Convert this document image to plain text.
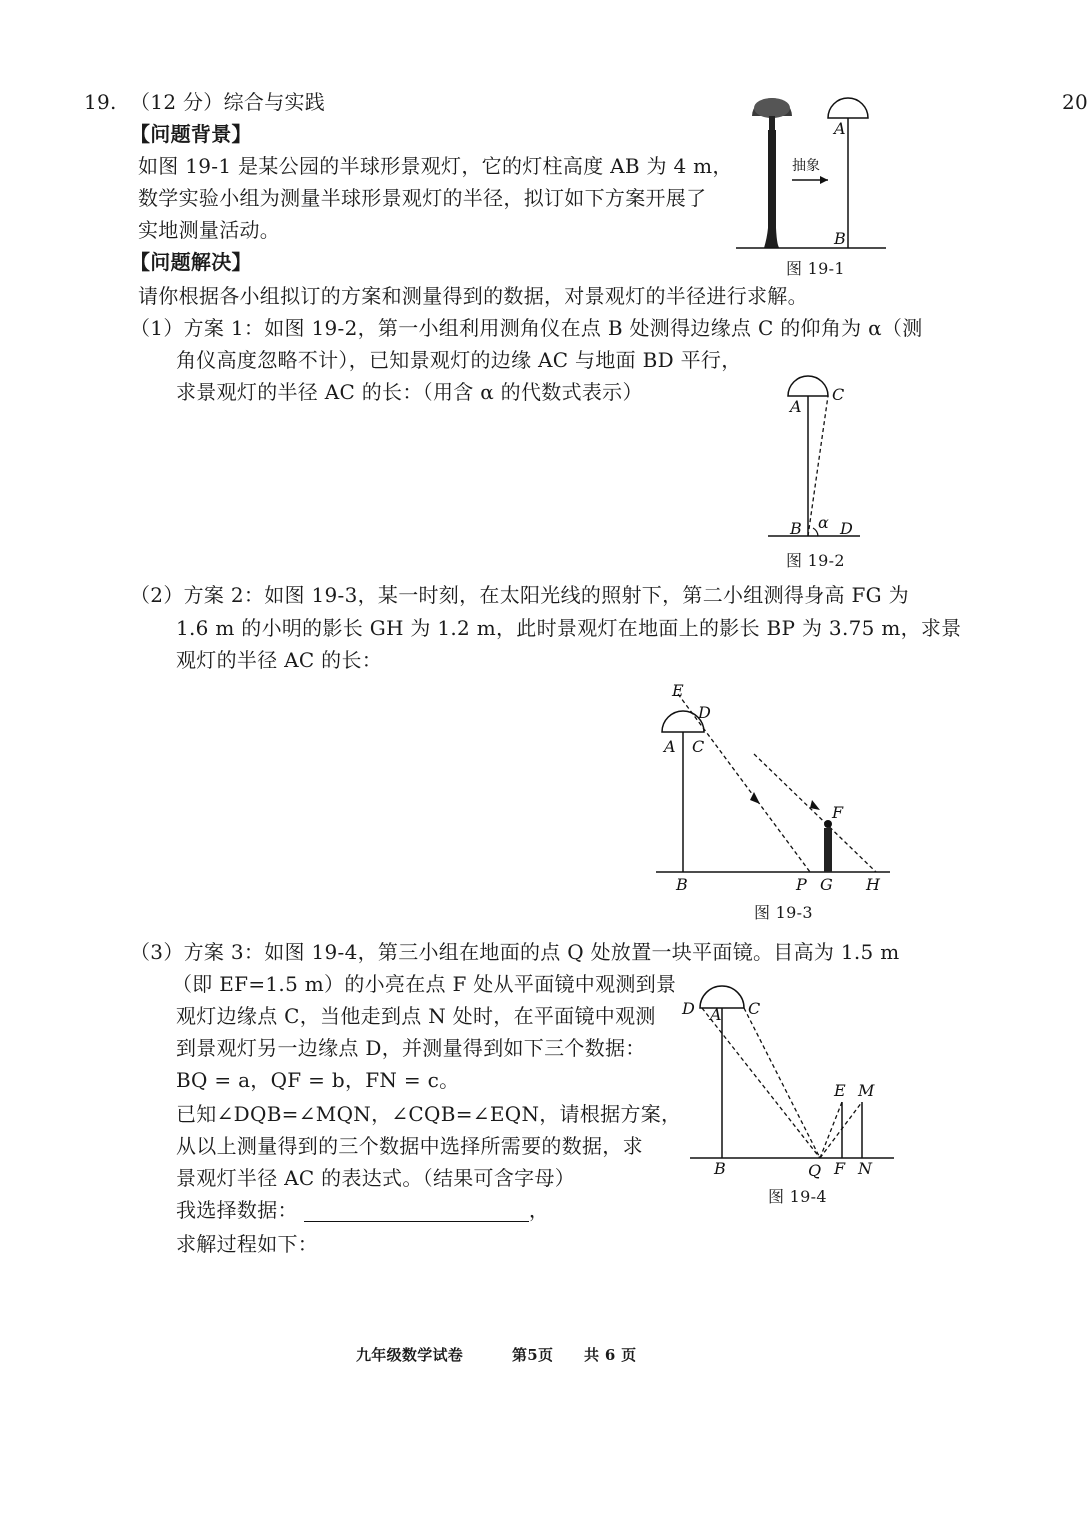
20
19. （12 分）综合与实践
【问题背景】
如图 19-1 是某公园的半球形景观灯，它的灯柱高度 AB 为 4 m，
数学实验小组为测量半球形景观灯的半径，拟订如下方案开展了
实地测量活动。
【问题解决】
请你根据各小组拟订的方案和测量得到的数据，对景观灯的半径进行求解。
（1）方案 1：如图 19-2，第一小组利用测角仪在点 B 处测得边缘点 C 的仰角为 α（测
角仪高度忽略不计），已知景观灯的边缘 AC 与地面 BD 平行，
求景观灯的半径 AC 的长：（用含 α 的代数式表示）
（2）方案 2：如图 19-3，某一时刻，在太阳光线的照射下，第二小组测得身高 FG 为
1.6 m 的小明的影长 GH 为 1.2 m，此时景观灯在地面上的影长 BP 为 3.75 m，求景
观灯的半径 AC 的长：
（3）方案 3：如图 19-4，第三小组在地面的点 Q 处放置一块平面镜。目高为 1.5 m
（即 EF=1.5 m）的小亮在点 F 处从平面镜中观测到景
观灯边缘点 C，当他走到点 N 处时，在平面镜中观测
到景观灯另一边缘点 D，并测量得到如下三个数据：
BQ = a，QF = b，FN = c。
已知∠DQB=∠MQN，∠CQB=∠EQN，请根据方案，
从以上测量得到的三个数据中选择所需要的数据，求
景观灯半径 AC 的表达式。（结果可含字母）
我选择数据：	，
求解过程如下：
抽象
A
B
图 19-1
A
C
B α D
图 19-2
E
D
A C
F
B	P G H
图 19-3
D A C
E M
B	Q F N
图 19-4
九年级数学试卷	第5页 共 6 页
